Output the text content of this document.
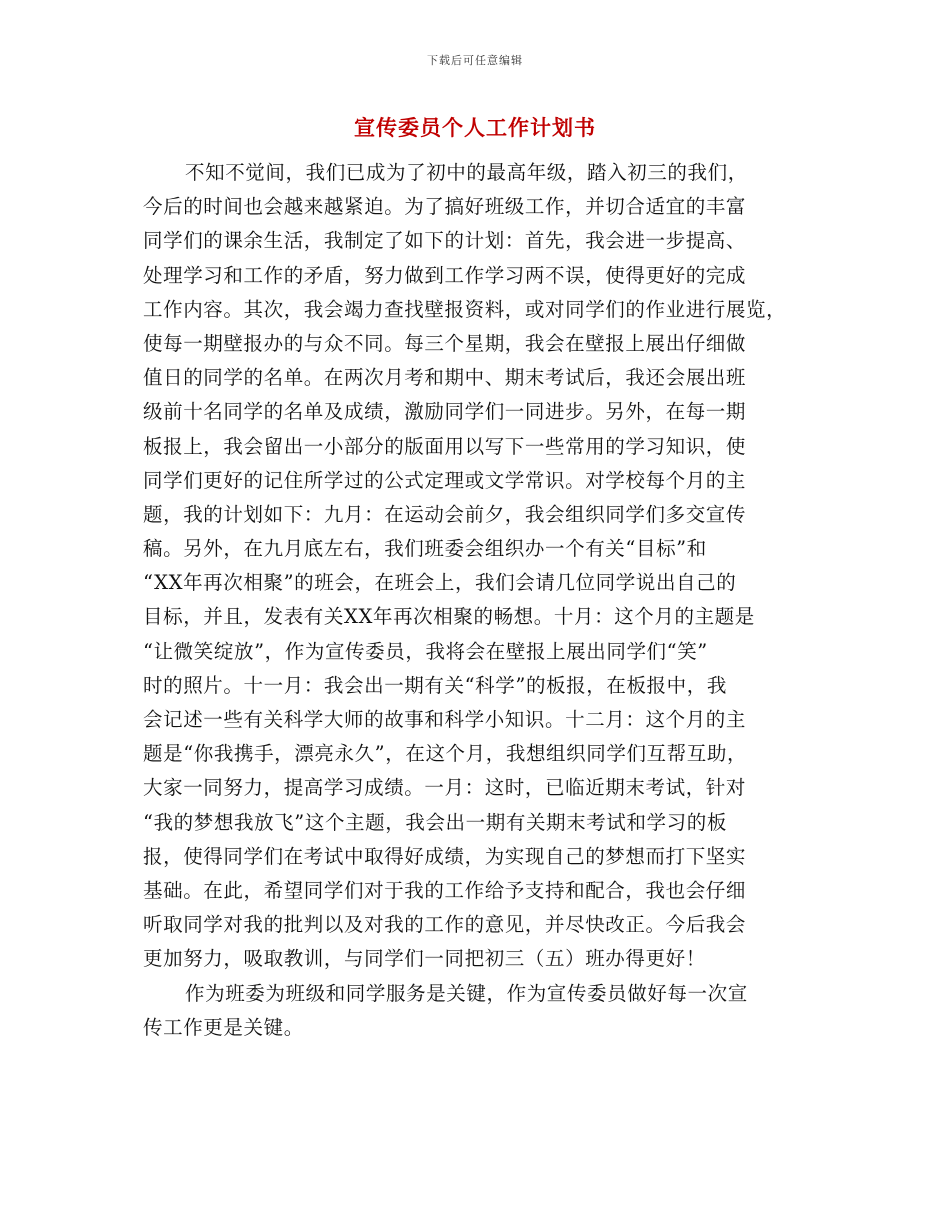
下载后可任意编辑
宣传委员个人工作计划书
不知不觉间，我们已成为了初中的最高年级，踏入初三的我们，
今后的时间也会越来越紧迫。为了搞好班级工作，并切合适宜的丰富
同学们的课余生活，我制定了如下的计划：首先，我会进一步提高、
处理学习和工作的矛盾，努力做到工作学习两不误，使得更好的完成
工作内容。其次，我会竭力查找壁报资料，或对同学们的作业进行展览，
使每一期壁报办的与众不同。每三个星期，我会在壁报上展出仔细做
值日的同学的名单。在两次月考和期中、期末考试后，我还会展出班
级前十名同学的名单及成绩，激励同学们一同进步。另外，在每一期
板报上，我会留出一小部分的版面用以写下一些常用的学习知识，使
同学们更好的记住所学过的公式定理或文学常识。对学校每个月的主
题，我的计划如下：九月：在运动会前夕，我会组织同学们多交宣传
稿。另外，在九月底左右，我们班委会组织办一个有关“目标”和
“XX年再次相聚”的班会，在班会上，我们会请几位同学说出自己的
目标，并且，发表有关XX年再次相聚的畅想。十月：这个月的主题是
“让微笑绽放”，作为宣传委员，我将会在壁报上展出同学们“笑”
时的照片。十一月：我会出一期有关“科学”的板报，在板报中，我
会记述一些有关科学大师的故事和科学小知识。十二月：这个月的主
题是“你我携手，漂亮永久”，在这个月，我想组织同学们互帮互助，
大家一同努力，提高学习成绩。一月：这时，已临近期末考试，针对
“我的梦想我放飞”这个主题，我会出一期有关期末考试和学习的板
报，使得同学们在考试中取得好成绩，为实现自己的梦想而打下坚实
基础。在此，希望同学们对于我的工作给予支持和配合，我也会仔细
听取同学对我的批判以及对我的工作的意见，并尽快改正。今后我会
更加努力，吸取教训，与同学们一同把初三（五）班办得更好！
作为班委为班级和同学服务是关键，作为宣传委员做好每一次宣
传工作更是关键。
